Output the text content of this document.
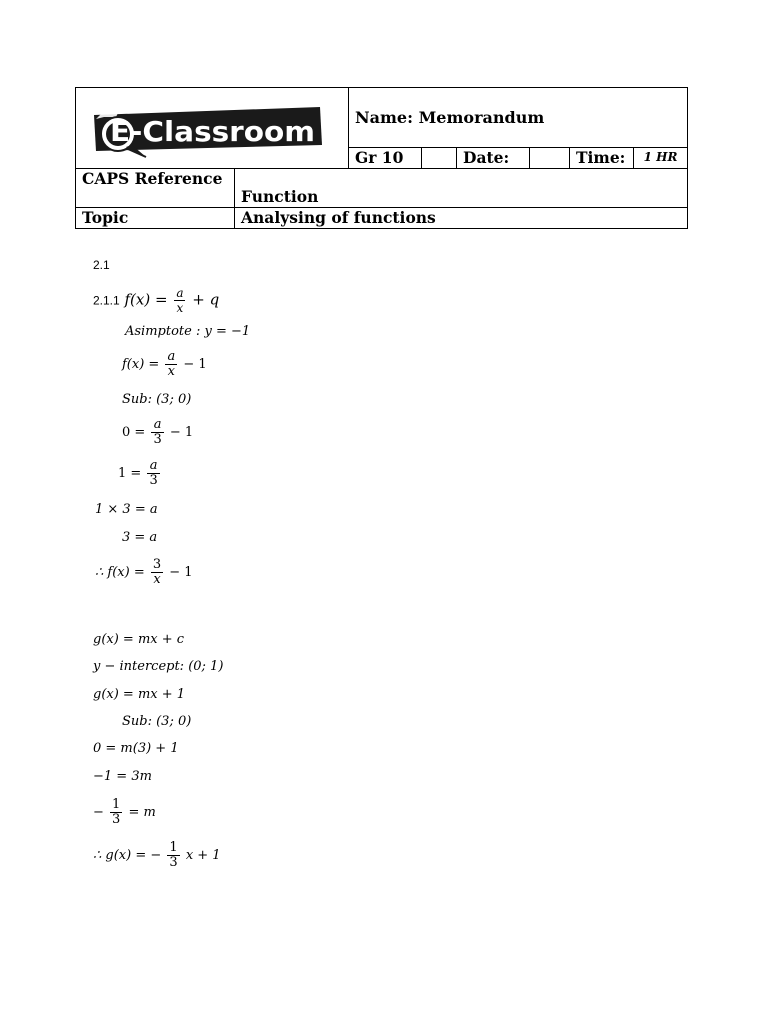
E-Classroom		Name: Memorandum					
		Gr 10		Date:		Time:	1 HR
CAPS Reference	Function						
Topic	Analysing of functions						
2.1
2.1.1 $f(x) = \frac{a}{x} + q$
Asimptote : y = −1
$f(x) = \frac{a}{x} - 1$
Sub: (3; 0)
$0 = \frac{a}{3} - 1$
$1 = \frac{a}{3}$
1 × 3 = a
3 = a
∴ $f(x) = \frac{3}{x} - 1$
g(x) = mx + c
y − intercept: (0; 1)
g(x) = mx + 1
Sub: (3; 0)
0 = m(3) + 1
−1 = 3m
− $\frac{1}{3} = m$
∴ g(x) = − $\frac{1}{3}$ x + 1
